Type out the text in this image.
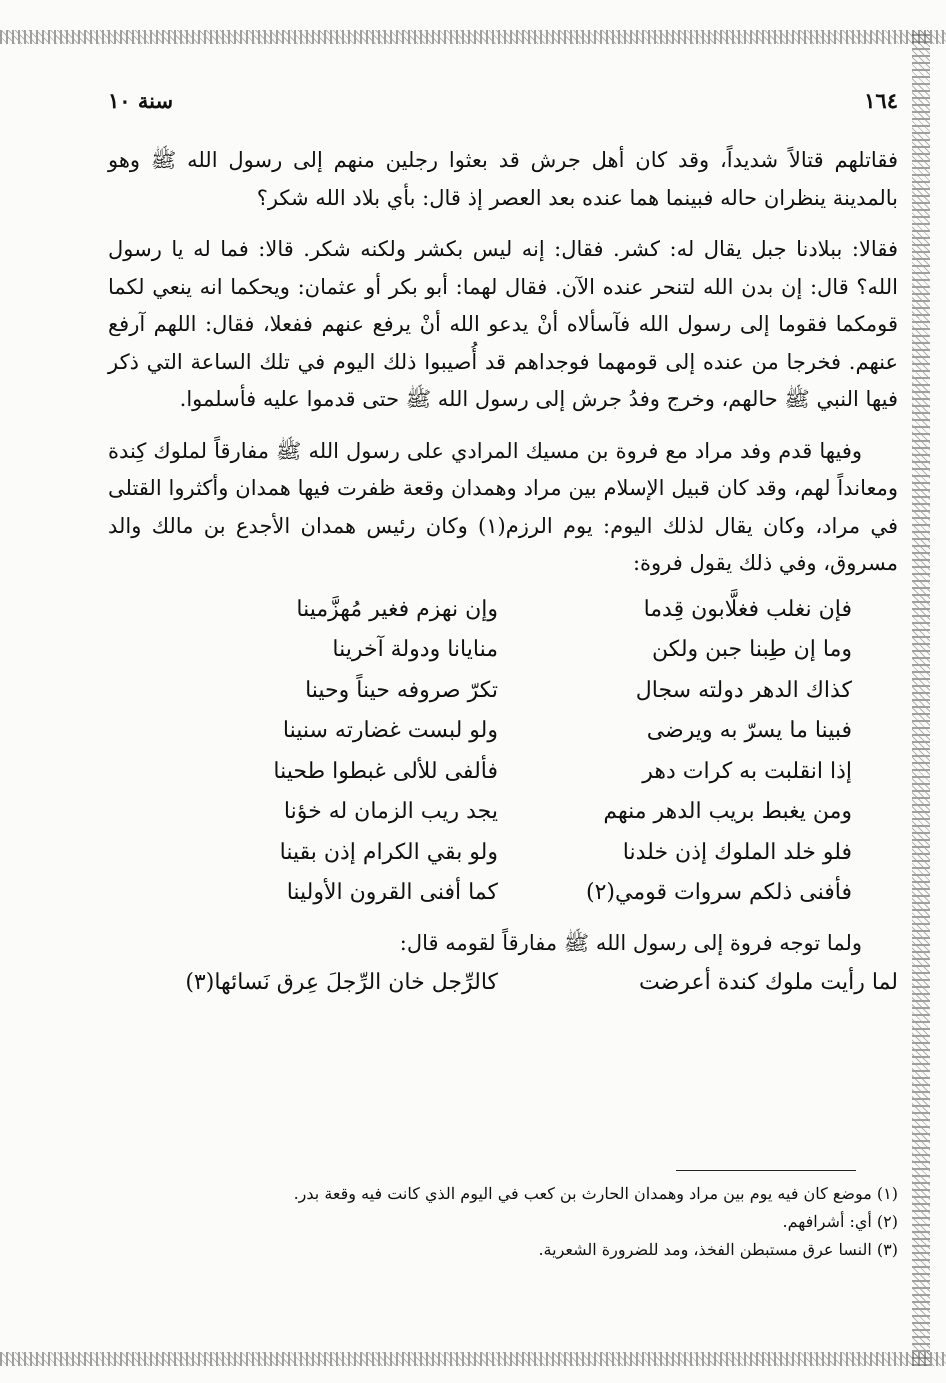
١٦٤
سنة ١٠

فقاتلهم قتالاً شديداً، وقد كان أهل جرش قد بعثوا رجلين منهم إلى رسول الله ﷺ وهو بالمدينة ينظران حاله فبينما هما عنده بعد العصر إذ قال: بأي بلاد الله شكر؟

فقالا: ببلادنا جبل يقال له: كشر. فقال: إنه ليس بكشر ولكنه شكر. قالا: فما له يا رسول الله؟ قال: إن بدن الله لتنحر عنده الآن. فقال لهما: أبو بكر أو عثمان: ويحكما انه ينعي لكما قومكما فقوما إلى رسول الله فآسألاه أنْ يدعو الله أنْ يرفع عنهم ففعلا، فقال: اللهم آرفع عنهم. فخرجا من عنده إلى قومهما فوجداهم قد أُصيبوا ذلك اليوم في تلك الساعة التي ذكر فيها النبي ﷺ حالهم، وخرج وفدُ جرش إلى رسول الله ﷺ حتى قدموا عليه فأسلموا.

وفيها قدم وفد مراد مع فروة بن مسيك المرادي على رسول الله ﷺ مفارقاً لملوك كِندة ومعانداً لهم، وقد كان قبيل الإسلام بين مراد وهمدان وقعة ظفرت فيها همدان وأكثروا القتلى في مراد، وكان يقال لذلك اليوم: يوم الرزم(١) وكان رئيس همدان الأجدع بن مالك والد مسروق، وفي ذلك يقول فروة:

فإن نغلب فغلَّابون قِدما
وإن نهزم فغير مُهزَّمينا
وما إن طِبنا جبن ولكن
منايانا ودولة آخرينا
كذاك الدهر دولته سجال
تكرّ صروفه حيناً وحينا
فبينا ما يسرّ به ويرضى
ولو لبست غضارته سنينا
إذا انقلبت به كرات دهر
فألفى للألى غبطوا طحينا
ومن يغبط بريب الدهر منهم
يجد ريب الزمان له خؤنا
فلو خلد الملوك إذن خلدنا
ولو بقي الكرام إذن بقينا
فأفنى ذلكم سروات قومي(٢)
كما أفنى القرون الأولينا

ولما توجه فروة إلى رسول الله ﷺ مفارقاً لقومه قال:

لما رأيت ملوك كندة أعرضت
كالرِّجل خان الرِّجلَ عِرق نَسائها(٣)
(١) موضع كان فيه يوم بين مراد وهمدان الحارث بن كعب في اليوم الذي كانت فيه وقعة بدر.
(٢) أي: أشرافهم.
(٣) النسا عرق مستبطن الفخذ، ومد للضرورة الشعرية.
